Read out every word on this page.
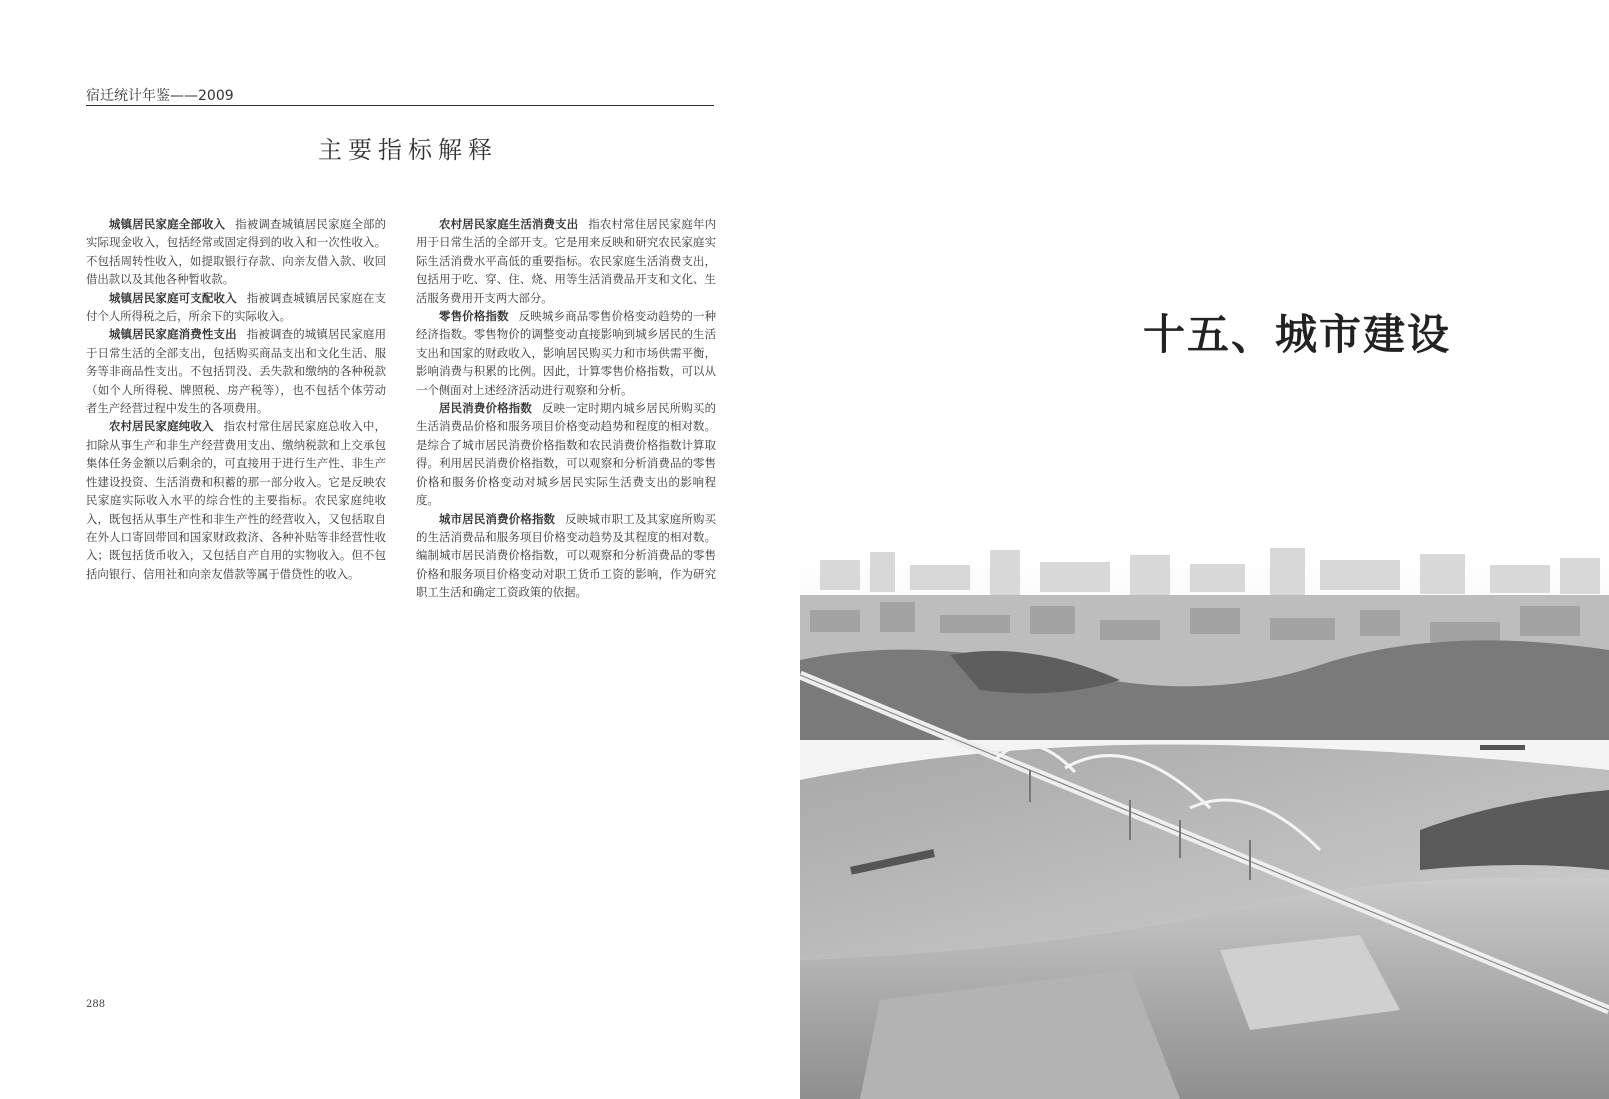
宿迁统计年鉴——2009
主要指标解释

城镇居民家庭全部收入 指被调查城镇居民家庭全部的实际现金收入，包括经常或固定得到的收入和一次性收入。不包括周转性收入，如提取银行存款、向亲友借入款、收回借出款以及其他各种暂收款。

城镇居民家庭可支配收入 指被调查城镇居民家庭在支付个人所得税之后，所余下的实际收入。

城镇居民家庭消费性支出 指被调查的城镇居民家庭用于日常生活的全部支出，包括购买商品支出和文化生活、服务等非商品性支出。不包括罚没、丢失款和缴纳的各种税款（如个人所得税、牌照税、房产税等），也不包括个体劳动者生产经营过程中发生的各项费用。

农村居民家庭纯收入 指农村常住居民家庭总收入中，扣除从事生产和非生产经营费用支出、缴纳税款和上交承包集体任务金额以后剩余的，可直接用于进行生产性、非生产性建设投资、生活消费和积蓄的那一部分收入。它是反映农民家庭实际收入水平的综合性的主要指标。农民家庭纯收入，既包括从事生产性和非生产性的经营收入，又包括取自在外人口寄回带回和国家财政救济、各种补贴等非经营性收入；既包括货币收入，又包括自产自用的实物收入。但不包括向银行、信用社和向亲友借款等属于借贷性的收入。

农村居民家庭生活消费支出 指农村常住居民家庭年内用于日常生活的全部开支。它是用来反映和研究农民家庭实际生活消费水平高低的重要指标。农民家庭生活消费支出，包括用于吃、穿、住、烧、用等生活消费品开支和文化、生活服务费用开支两大部分。

零售价格指数 反映城乡商品零售价格变动趋势的一种经济指数。零售物价的调整变动直接影响到城乡居民的生活支出和国家的财政收入，影响居民购买力和市场供需平衡，影响消费与积累的比例。因此，计算零售价格指数，可以从一个侧面对上述经济活动进行观察和分析。

居民消费价格指数 反映一定时期内城乡居民所购买的生活消费品价格和服务项目价格变动趋势和程度的相对数。是综合了城市居民消费价格指数和农民消费价格指数计算取得。利用居民消费价格指数，可以观察和分析消费品的零售价格和服务价格变动对城乡居民实际生活费支出的影响程度。

城市居民消费价格指数 反映城市职工及其家庭所购买的生活消费品和服务项目价格变动趋势及其程度的相对数。编制城市居民消费价格指数，可以观察和分析消费品的零售价格和服务项目价格变动对职工货币工资的影响，作为研究职工生活和确定工资政策的依据。

288
十五、城市建设
